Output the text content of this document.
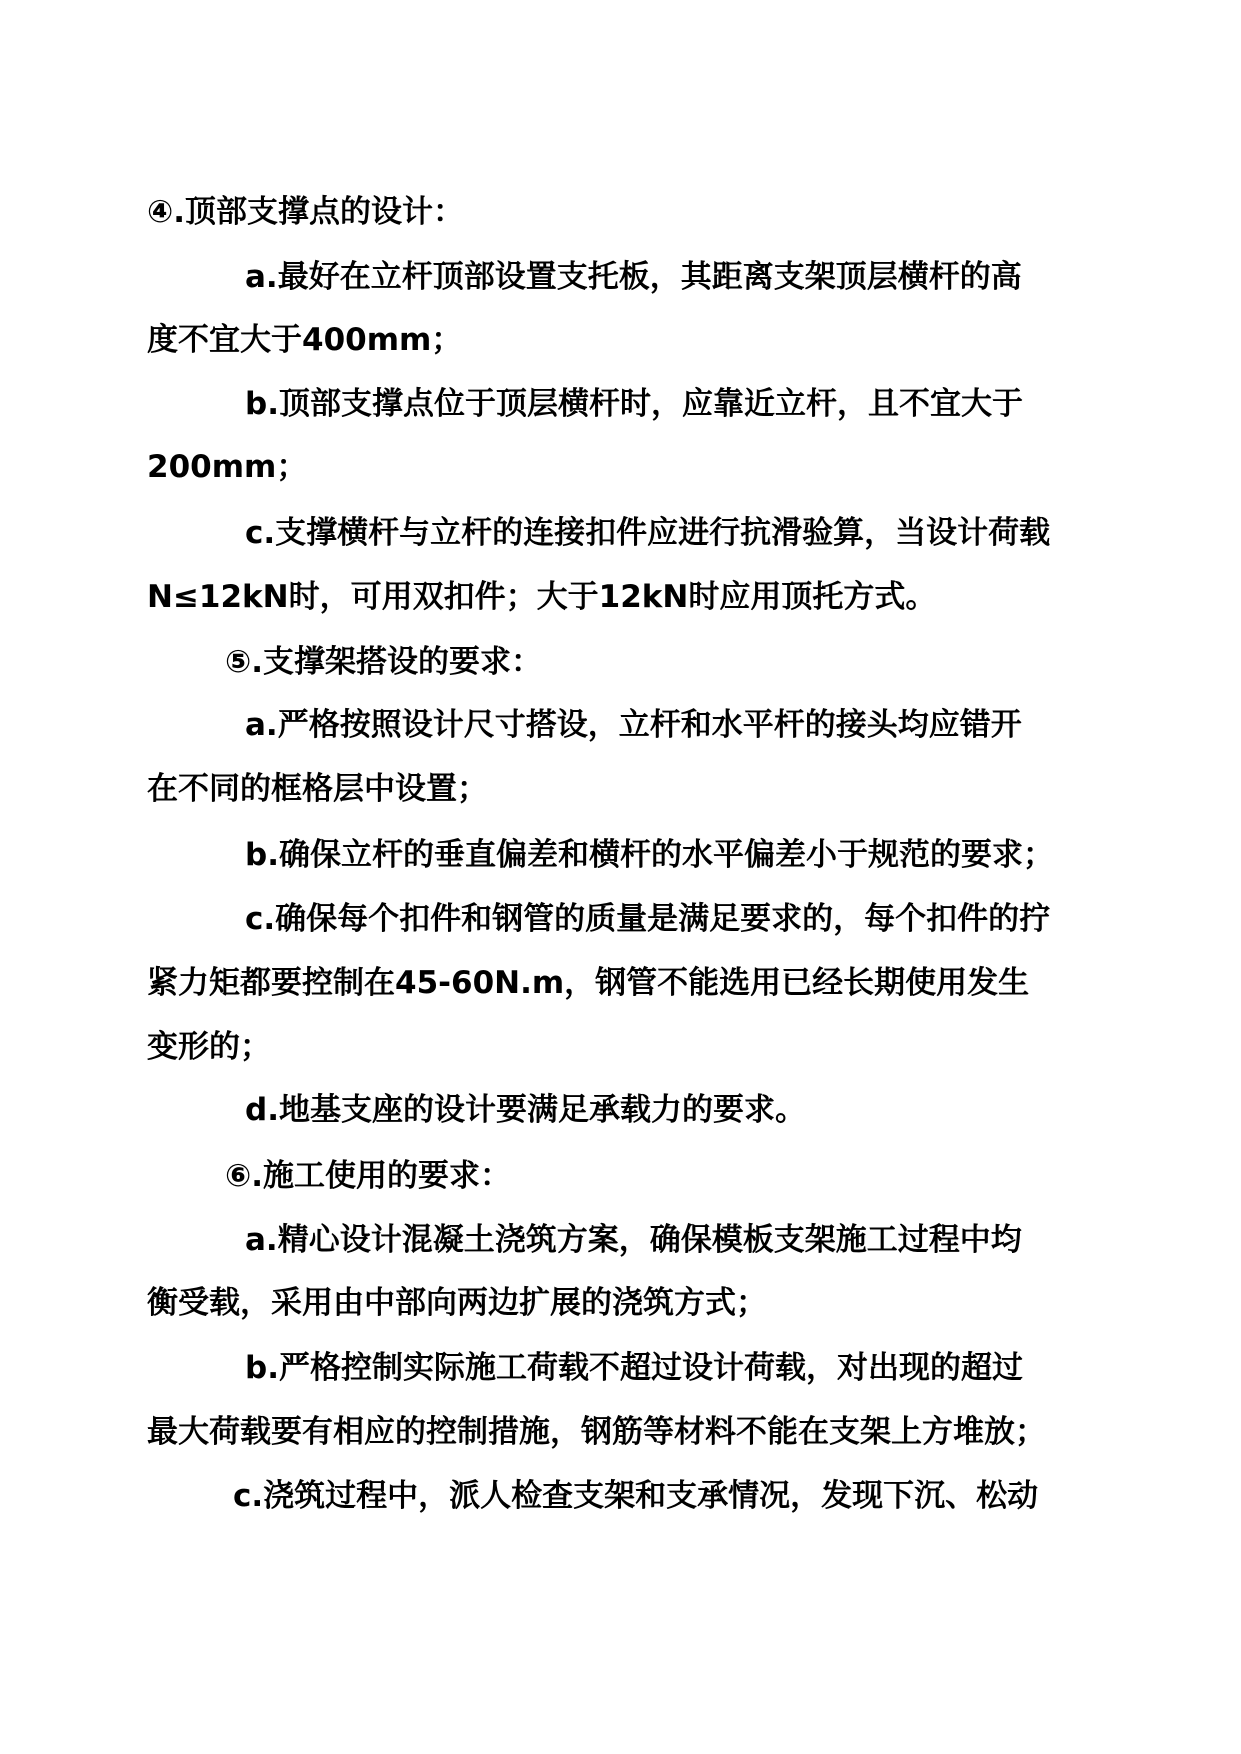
④.顶部支撑点的设计：
a.最好在立杆顶部设置支托板，其距离支架顶层横杆的高
度不宜大于400mm；
b.顶部支撑点位于顶层横杆时，应靠近立杆，且不宜大于
200mm；
c.支撑横杆与立杆的连接扣件应进行抗滑验算，当设计荷载
N≤12kN时，可用双扣件；大于12kN时应用顶托方式。
⑤.支撑架搭设的要求：
a.严格按照设计尺寸搭设，立杆和水平杆的接头均应错开
在不同的框格层中设置；
b.确保立杆的垂直偏差和横杆的水平偏差小于规范的要求；
c.确保每个扣件和钢管的质量是满足要求的，每个扣件的拧
紧力矩都要控制在45-60N.m，钢管不能选用已经长期使用发生
变形的；
d.地基支座的设计要满足承载力的要求。
⑥.施工使用的要求：
a.精心设计混凝土浇筑方案，确保模板支架施工过程中均
衡受载，采用由中部向两边扩展的浇筑方式；
b.严格控制实际施工荷载不超过设计荷载，对出现的超过
最大荷载要有相应的控制措施，钢筋等材料不能在支架上方堆放；
c.浇筑过程中，派人检查支架和支承情况，发现下沉、松动
